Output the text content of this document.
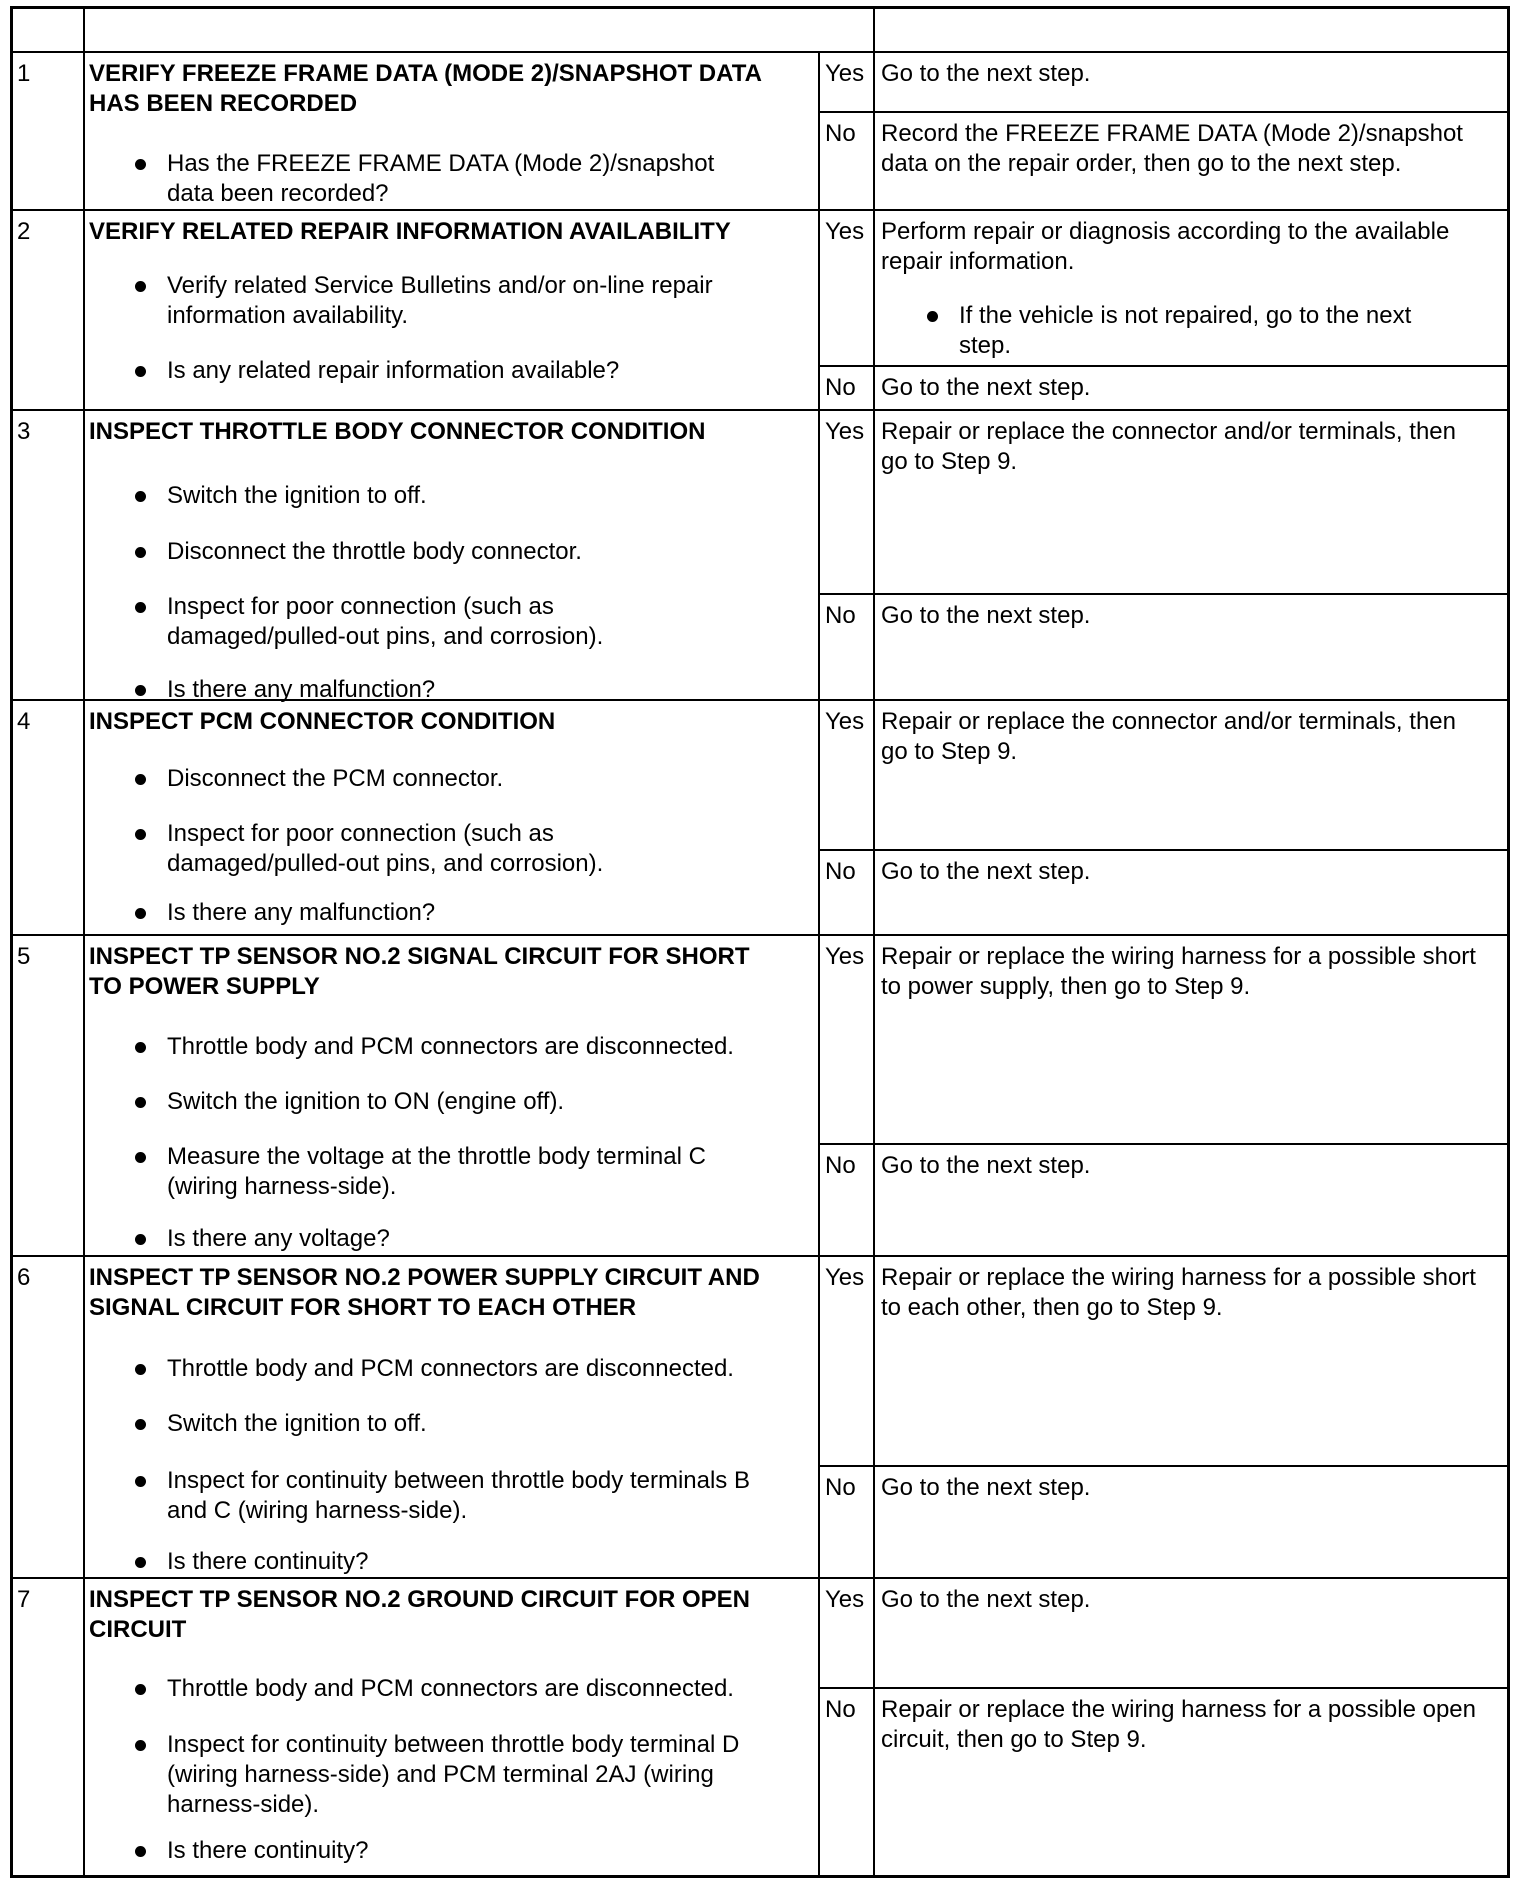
1 VERIFY FREEZE FRAME DATA (MODE 2)/SNAPSHOT DATA
HAS BEEN RECORDED
Has the FREEZE FRAME DATA (Mode 2)/snapshot
data been recorded?
Yes Go to the next step.
No Record the FREEZE FRAME DATA (Mode 2)/snapshot
data on the repair order, then go to the next step.
2 VERIFY RELATED REPAIR INFORMATION AVAILABILITY
Verify related Service Bulletins and/or on-line repair
information availability.
Is any related repair information available?
Yes Perform repair or diagnosis according to the available
repair information.
If the vehicle is not repaired, go to the next
step.
No Go to the next step.
3 INSPECT THROTTLE BODY CONNECTOR CONDITION
Switch the ignition to off.
Disconnect the throttle body connector.
Inspect for poor connection (such as
damaged/pulled-out pins, and corrosion).
Is there any malfunction?
Yes Repair or replace the connector and/or terminals, then
go to Step 9.
No Go to the next step.
4 INSPECT PCM CONNECTOR CONDITION
Disconnect the PCM connector.
Inspect for poor connection (such as
damaged/pulled-out pins, and corrosion).
Is there any malfunction?
Yes Repair or replace the connector and/or terminals, then
go to Step 9.
No Go to the next step.
5 INSPECT TP SENSOR NO.2 SIGNAL CIRCUIT FOR SHORT
TO POWER SUPPLY
Throttle body and PCM connectors are disconnected.
Switch the ignition to ON (engine off).
Measure the voltage at the throttle body terminal C
(wiring harness-side).
Is there any voltage?
Yes Repair or replace the wiring harness for a possible short
to power supply, then go to Step 9.
No Go to the next step.
6 INSPECT TP SENSOR NO.2 POWER SUPPLY CIRCUIT AND
SIGNAL CIRCUIT FOR SHORT TO EACH OTHER
Throttle body and PCM connectors are disconnected.
Switch the ignition to off.
Inspect for continuity between throttle body terminals B
and C (wiring harness-side).
Is there continuity?
Yes Repair or replace the wiring harness for a possible short
to each other, then go to Step 9.
No Go to the next step.
7 INSPECT TP SENSOR NO.2 GROUND CIRCUIT FOR OPEN
CIRCUIT
Throttle body and PCM connectors are disconnected.
Inspect for continuity between throttle body terminal D
(wiring harness-side) and PCM terminal 2AJ (wiring
harness-side).
Is there continuity?
Yes Go to the next step.
No Repair or replace the wiring harness for a possible open
circuit, then go to Step 9.
